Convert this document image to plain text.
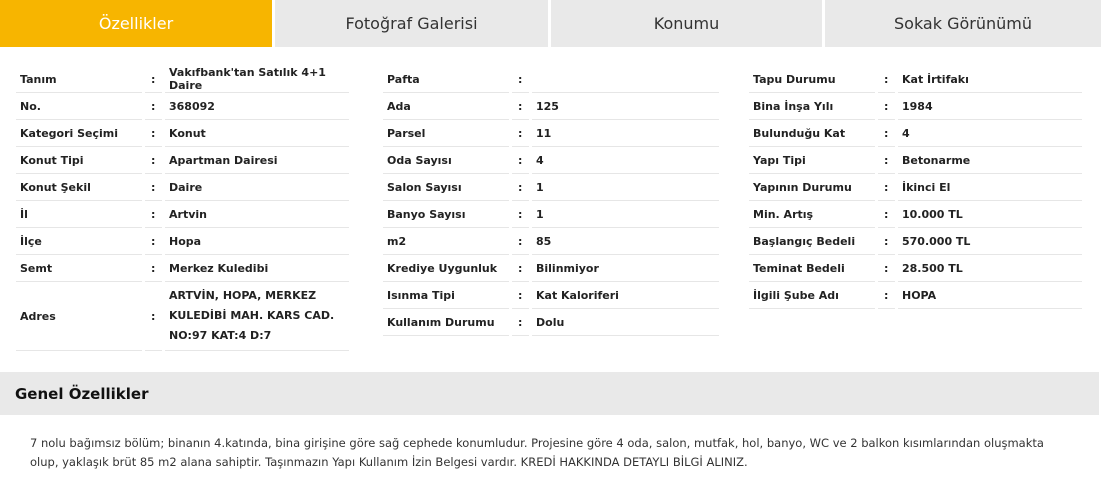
Özellikler	Fotoğraf Galerisi	Konumu	Sokak Görünümü
Tanım	:	Vakıfbank'tan Satılık 4+1 Daire
No.	:	368092
Kategori Seçimi	:	Konut
Konut Tipi	:	Apartman Dairesi
Konut Şekil	:	Daire
İl	:	Artvin
İlçe	:	Hopa
Semt	:	Merkez Kuledibi
Adres	:
ARTVİN, HOPA, MERKEZ
KULEDİBİ MAH. KARS CAD.
NO:97 KAT:4 D:7
Pafta	:
Ada	:	125
Parsel	:	11
Oda Sayısı	:	4
Salon Sayısı	:	1
Banyo Sayısı	:	1
m2	:	85
Krediye Uygunluk	:	Bilinmiyor
Isınma Tipi	:	Kat Kaloriferi
Kullanım Durumu	:	Dolu
Tapu Durumu	:	Kat İrtifakı
Bina İnşa Yılı	:	1984
Bulunduğu Kat	:	4
Yapı Tipi	:	Betonarme
Yapının Durumu	:	İkinci El
Min. Artış	:	10.000 TL
Başlangıç Bedeli	:	570.000 TL
Teminat Bedeli	:	28.500 TL
İlgili Şube Adı	:	HOPA
Genel Özellikler
7 nolu bağımsız bölüm; binanın 4.katında, bina girişine göre sağ cephede konumludur. Projesine göre 4 oda, salon, mutfak, hol, banyo, WC ve 2 balkon kısımlarından oluşmakta olup, yaklaşık brüt 85 m2 alana sahiptir. Taşınmazın Yapı Kullanım İzin Belgesi vardır. KREDİ HAKKINDA DETAYLI BİLGİ ALINIZ.
